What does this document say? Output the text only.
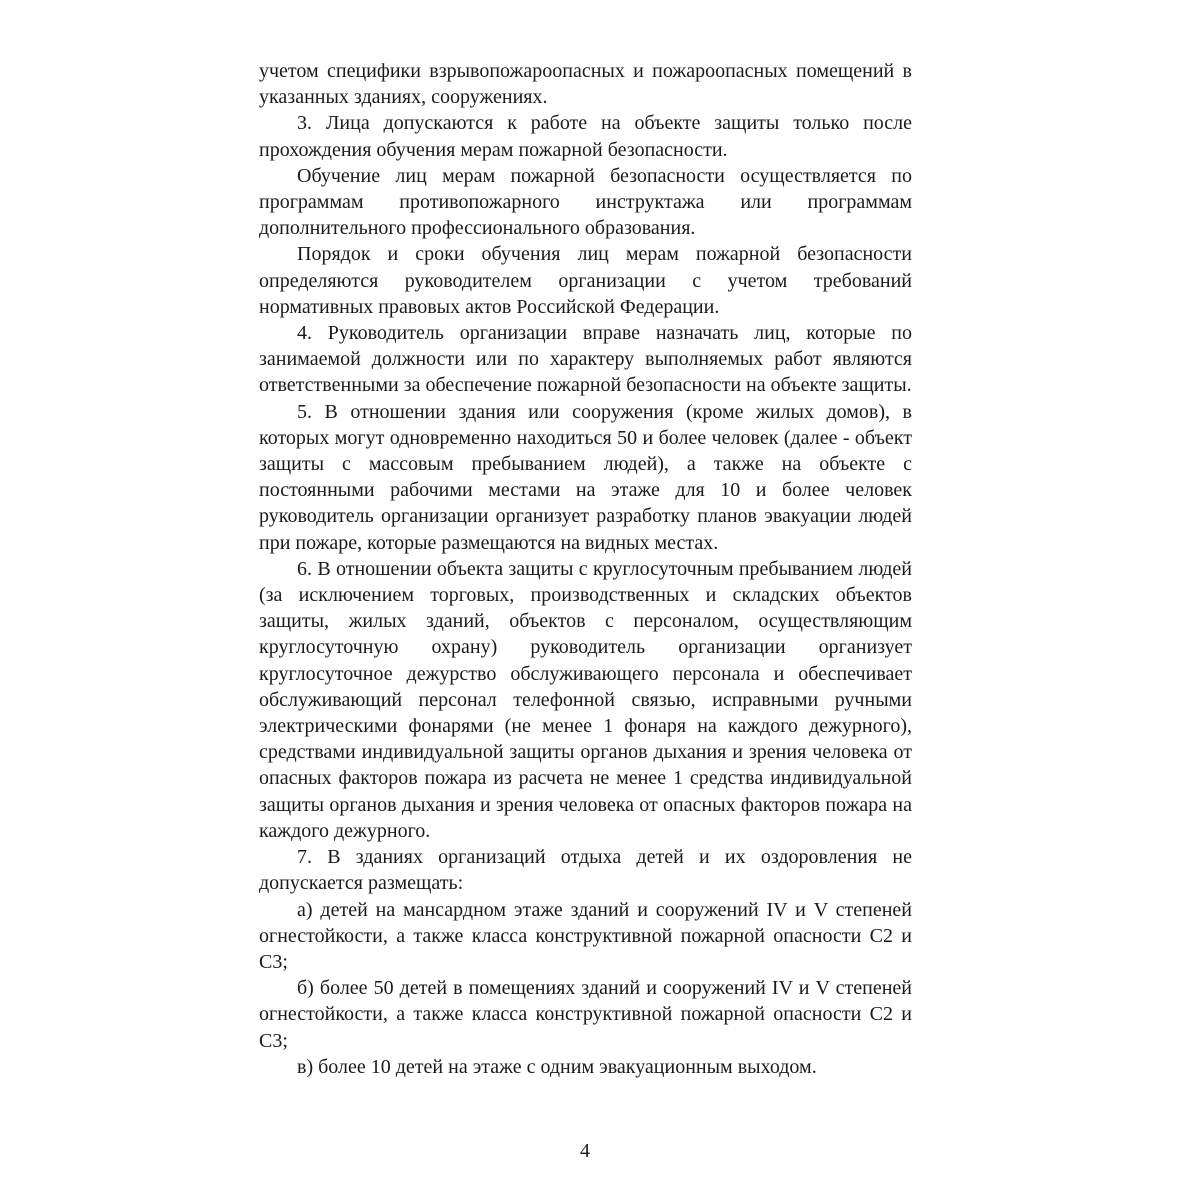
учетом специфики взрывопожароопасных и пожароопасных помещений в указанных зданиях, сооружениях.

3. Лица допускаются к работе на объекте защиты только после прохождения обучения мерам пожарной безопасности.

Обучение лиц мерам пожарной безопасности осуществляется по программам противопожарного инструктажа или программам дополнительного профессионального образования.

Порядок и сроки обучения лиц мерам пожарной безопасности определяются руководителем организации с учетом требований нормативных правовых актов Российской Федерации.

4. Руководитель организации вправе назначать лиц, которые по занимаемой должности или по характеру выполняемых работ являются ответственными за обеспечение пожарной безопасности на объекте защиты.

5. В отношении здания или сооружения (кроме жилых домов), в которых могут одновременно находиться 50 и более человек (далее - объект защиты с массовым пребыванием людей), а также на объекте с постоянными рабочими местами на этаже для 10 и более человек руководитель организации организует разработку планов эвакуации людей при пожаре, которые размещаются на видных местах.

6. В отношении объекта защиты с круглосуточным пребыванием людей (за исключением торговых, производственных и складских объектов защиты, жилых зданий, объектов с персоналом, осуществляющим круглосуточную охрану) руководитель организации организует круглосуточное дежурство обслуживающего персонала и обеспечивает обслуживающий персонал телефонной связью, исправными ручными электрическими фонарями (не менее 1 фонаря на каждого дежурного), средствами индивидуальной защиты органов дыхания и зрения человека от опасных факторов пожара из расчета не менее 1 средства индивидуальной защиты органов дыхания и зрения человека от опасных факторов пожара на каждого дежурного.

7. В зданиях организаций отдыха детей и их оздоровления не допускается размещать:

а) детей на мансардном этаже зданий и сооружений IV и V степеней огнестойкости, а также класса конструктивной пожарной опасности С2 и С3;

б) более 50 детей в помещениях зданий и сооружений IV и V степеней огнестойкости, а также класса конструктивной пожарной опасности С2 и С3;

в) более 10 детей на этаже с одним эвакуационным выходом.

4
